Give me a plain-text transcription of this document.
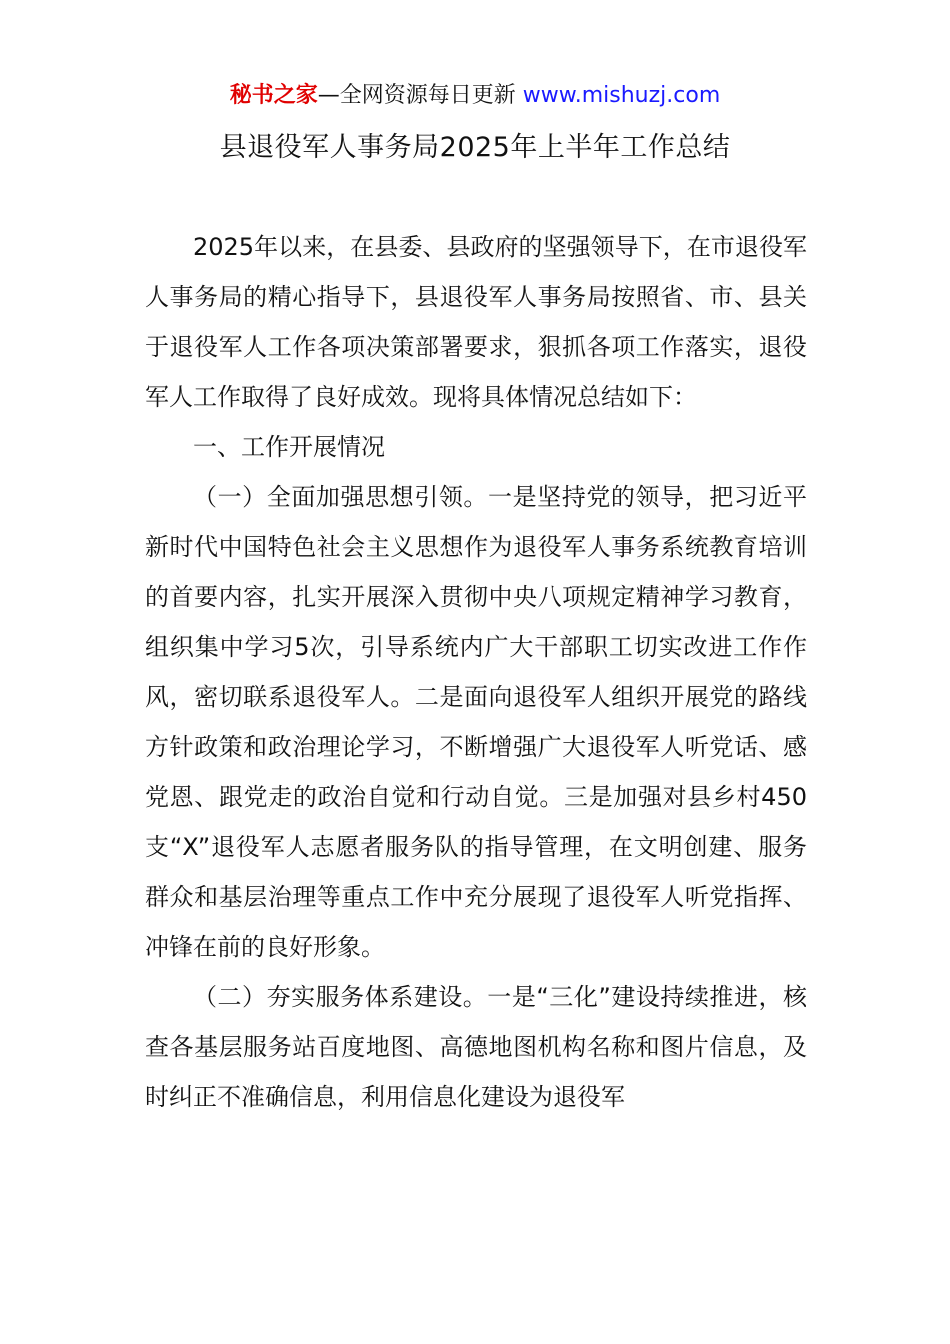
秘书之家—全网资源每日更新 www.mishuzj.com
县退役军人事务局2025年上半年工作总结

2025年以来，在县委、县政府的坚强领导下，在市退役军人事务局的精心指导下，县退役军人事务局按照省、市、县关于退役军人工作各项决策部署要求，狠抓各项工作落实，退役军人工作取得了良好成效。现将具体情况总结如下：

一、工作开展情况

（一）全面加强思想引领。一是坚持党的领导，把习近平新时代中国特色社会主义思想作为退役军人事务系统教育培训的首要内容，扎实开展深入贯彻中央八项规定精神学习教育，组织集中学习5次，引导系统内广大干部职工切实改进工作作风，密切联系退役军人。二是面向退役军人组织开展党的路线方针政策和政治理论学习，不断增强广大退役军人听党话、感党恩、跟党走的政治自觉和行动自觉。三是加强对县乡村450支“X”退役军人志愿者服务队的指导管理，在文明创建、服务群众和基层治理等重点工作中充分展现了退役军人听党指挥、冲锋在前的良好形象。

（二）夯实服务体系建设。一是“三化”建设持续推进，核查各基层服务站百度地图、高德地图机构名称和图片信息，及时纠正不准确信息，利用信息化建设为退役军
